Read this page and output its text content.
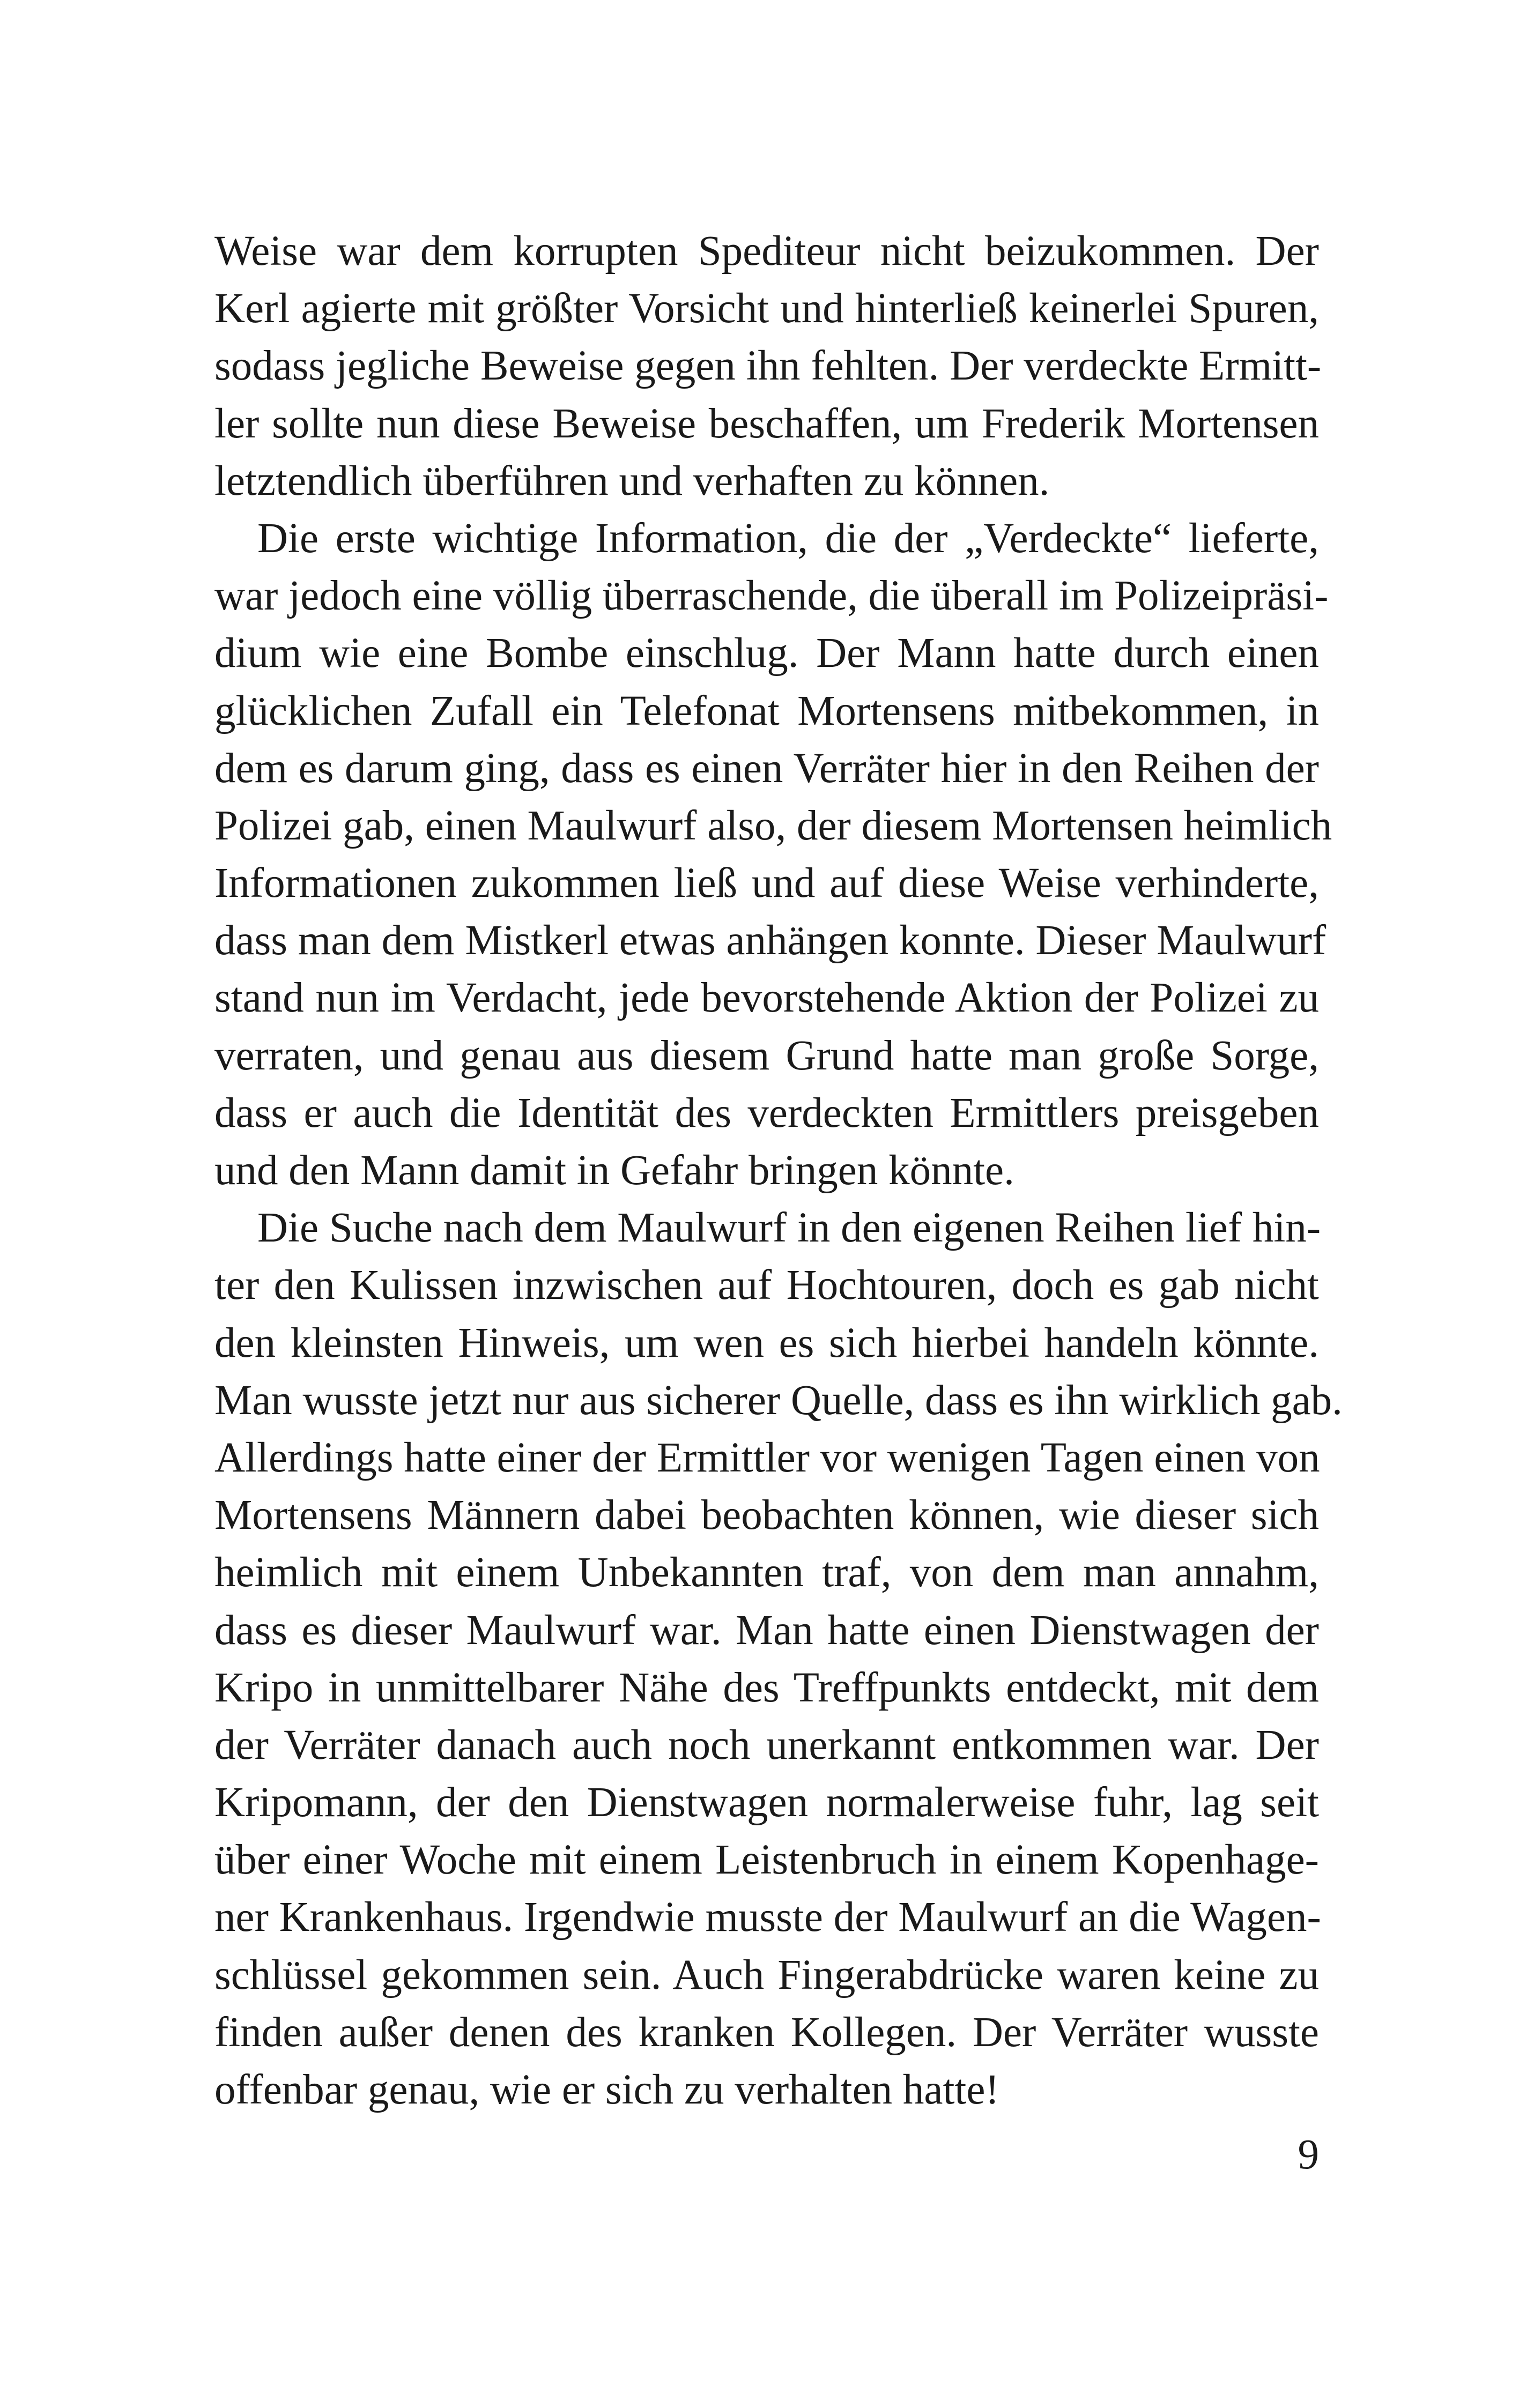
Weise war dem korrupten Spediteur nicht beizukommen. Der
Kerl agierte mit größter Vorsicht und hinterließ keinerlei Spuren,
sodass jegliche Beweise gegen ihn fehlten. Der verdeckte Ermitt-
ler sollte nun diese Beweise beschaffen, um Frederik Mortensen
letztendlich überführen und verhaften zu können.
Die erste wichtige Information, die der „Verdeckte“ lieferte,
war jedoch eine völlig überraschende, die überall im Polizeipräsi-
dium wie eine Bombe einschlug. Der Mann hatte durch einen
glücklichen Zufall ein Telefonat Mortensens mitbekommen, in
dem es darum ging, dass es einen Verräter hier in den Reihen der
Polizei gab, einen Maulwurf also, der diesem Mortensen heimlich
Informationen zukommen ließ und auf diese Weise verhinderte,
dass man dem Mistkerl etwas anhängen konnte. Dieser Maulwurf
stand nun im Verdacht, jede bevorstehende Aktion der Polizei zu
verraten, und genau aus diesem Grund hatte man große Sorge,
dass er auch die Identität des verdeckten Ermittlers preisgeben
und den Mann damit in Gefahr bringen könnte.
Die Suche nach dem Maulwurf in den eigenen Reihen lief hin-
ter den Kulissen inzwischen auf Hochtouren, doch es gab nicht
den kleinsten Hinweis, um wen es sich hierbei handeln könnte.
Man wusste jetzt nur aus sicherer Quelle, dass es ihn wirklich gab.
Allerdings hatte einer der Ermittler vor wenigen Tagen einen von
Mortensens Männern dabei beobachten können, wie dieser sich
heimlich mit einem Unbekannten traf, von dem man annahm,
dass es dieser Maulwurf war. Man hatte einen Dienstwagen der
Kripo in unmittelbarer Nähe des Treffpunkts entdeckt, mit dem
der Verräter danach auch noch unerkannt entkommen war. Der
Kripomann, der den Dienstwagen normalerweise fuhr, lag seit
über einer Woche mit einem Leistenbruch in einem Kopenhage-
ner Krankenhaus. Irgendwie musste der Maulwurf an die Wagen-
schlüssel gekommen sein. Auch Fingerabdrücke waren keine zu
finden außer denen des kranken Kollegen. Der Verräter wusste
offenbar genau, wie er sich zu verhalten hatte!
9
